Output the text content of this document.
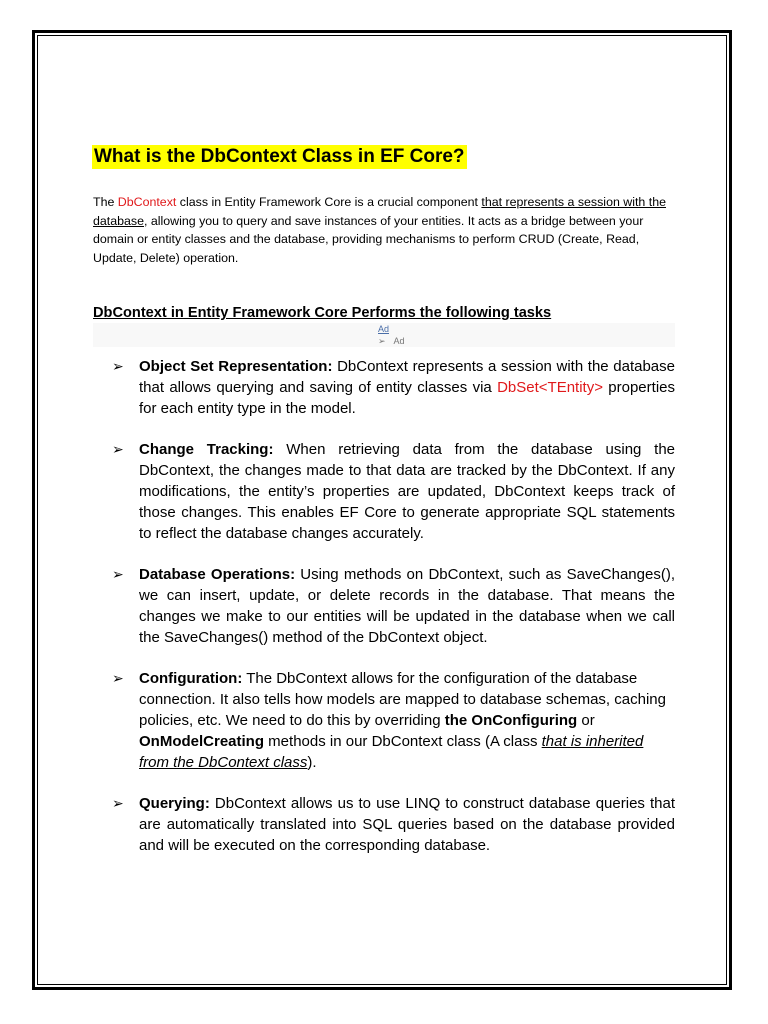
What is the DbContext Class in EF Core?

The DbContext class in Entity Framework Core is a crucial component that represents a session with the database, allowing you to query and save instances of your entities. It acts as a bridge between your domain or entity classes and the database, providing mechanisms to perform CRUD (Create, Read, Update, Delete) operation.

DbContext in Entity Framework Core Performs the following tasks
Ad
➢ Ad
➢ Object Set Representation: DbContext represents a session with the database that allows querying and saving of entity classes via DbSet<TEntity> properties for each entity type in the model.

➢ Change Tracking: When retrieving data from the database using the DbContext, the changes made to that data are tracked by the DbContext. If any modifications, the entity’s properties are updated, DbContext keeps track of those changes. This enables EF Core to generate appropriate SQL statements to reflect the database changes accurately.

➢ Database Operations: Using methods on DbContext, such as SaveChanges(), we can insert, update, or delete records in the database. That means the changes we make to our entities will be updated in the database when we call the SaveChanges() method of the DbContext object.

➢ Configuration: The DbContext allows for the configuration of the database connection. It also tells how models are mapped to database schemas, caching policies, etc. We need to do this by overriding the OnConfiguring or OnModelCreating methods in our DbContext class (A class that is inherited from the DbContext class).

➢ Querying: DbContext allows us to use LINQ to construct database queries that are automatically translated into SQL queries based on the database provided and will be executed on the corresponding database.
